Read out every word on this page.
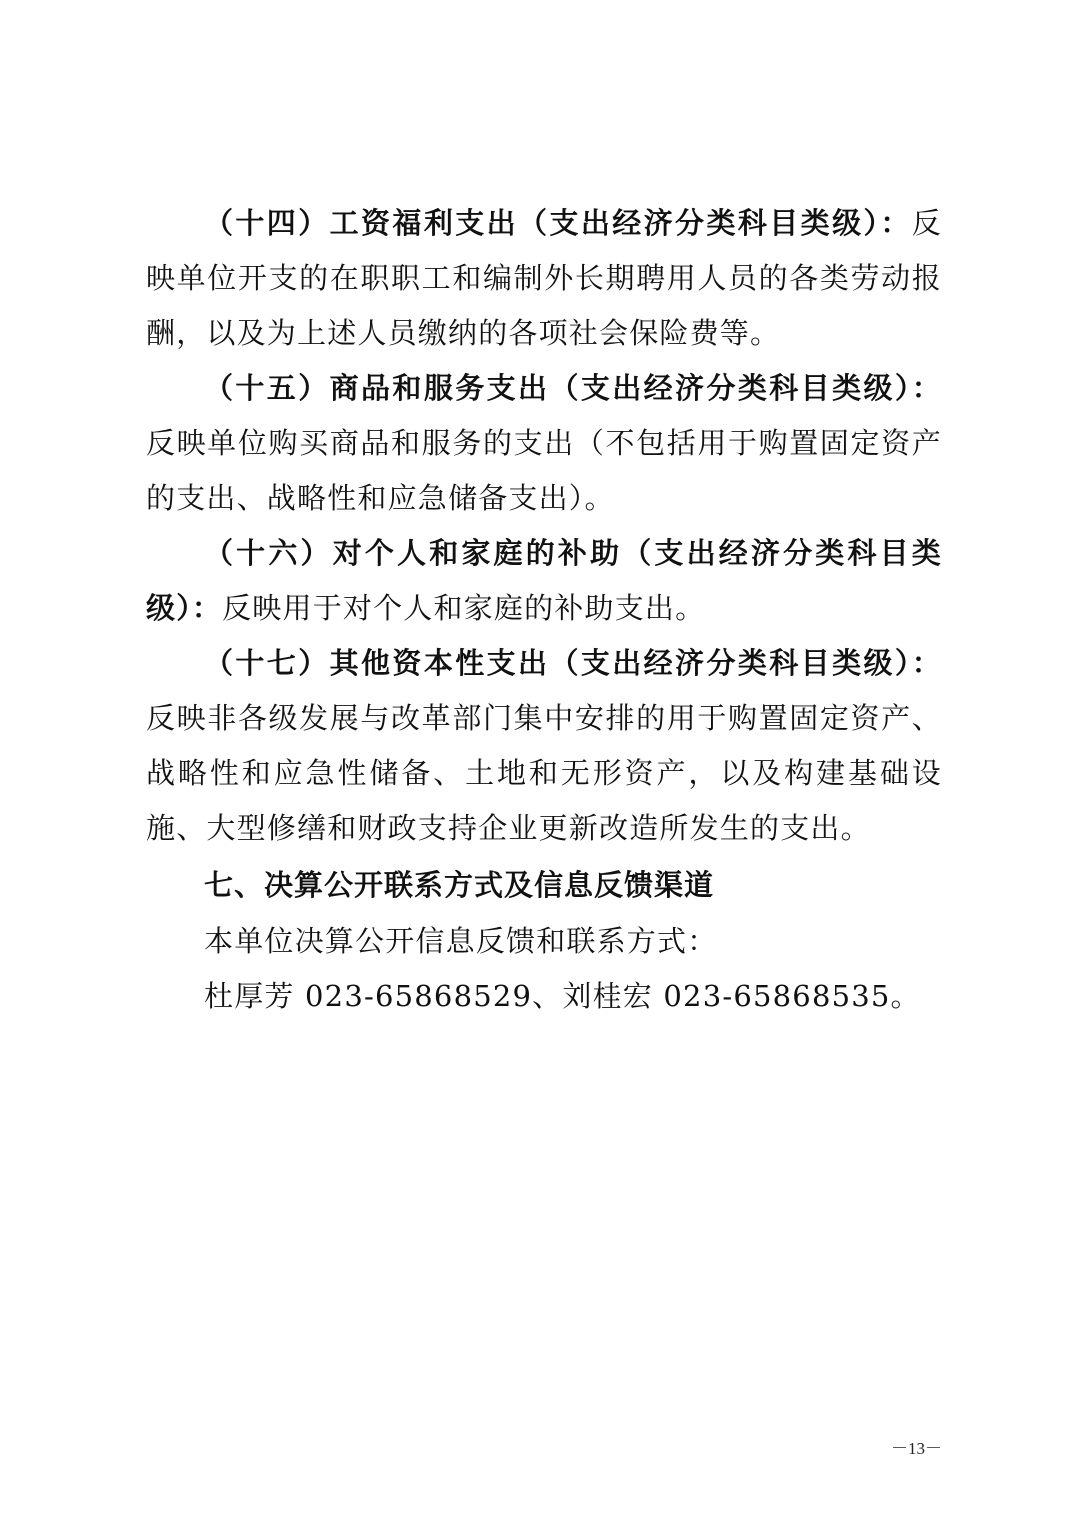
（十四）工资福利支出（支出经济分类科目类级）：反映单位开支的在职职工和编制外长期聘用人员的各类劳动报酬，以及为上述人员缴纳的各项社会保险费等。

（十五）商品和服务支出（支出经济分类科目类级）：反映单位购买商品和服务的支出（不包括用于购置固定资产的支出、战略性和应急储备支出）。

（十六）对个人和家庭的补助（支出经济分类科目类级）：反映用于对个人和家庭的补助支出。

（十七）其他资本性支出（支出经济分类科目类级）：反映非各级发展与改革部门集中安排的用于购置固定资产、战略性和应急性储备、土地和无形资产，以及构建基础设施、大型修缮和财政支持企业更新改造所发生的支出。

七、决算公开联系方式及信息反馈渠道

本单位决算公开信息反馈和联系方式：

杜厚芳 023-65868529、刘桂宏 023-65868535。

－13－
